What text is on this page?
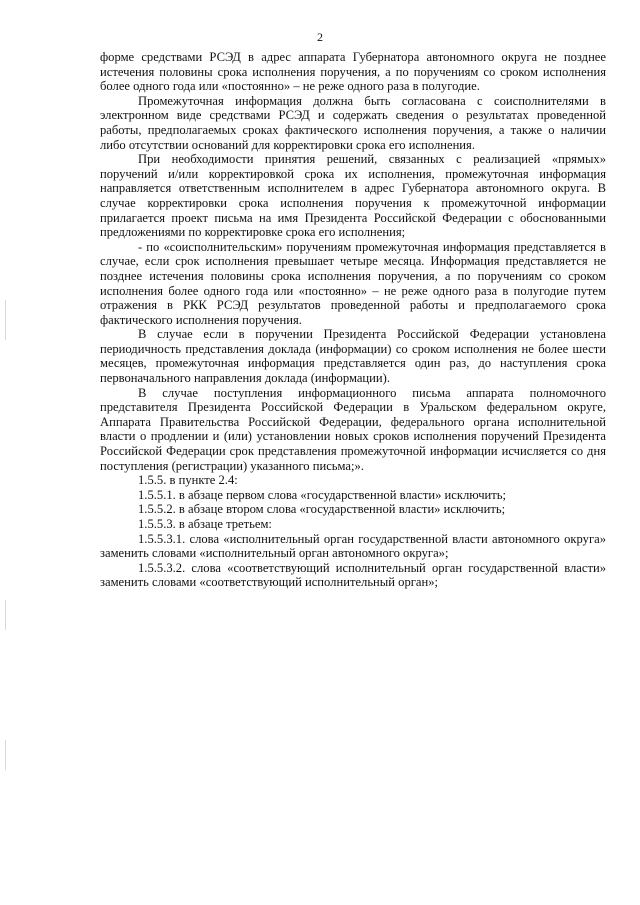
2

форме средствами РСЭД в адрес аппарата Губернатора автономного округа не позднее истечения половины срока исполнения поручения, а по поручениям со сроком исполнения более одного года или «постоянно» – не реже одного раза в полугодие.

Промежуточная информация должна быть согласована с соисполнителями в электронном виде средствами РСЭД и содержать сведения о результатах проведенной работы, предполагаемых сроках фактического исполнения поручения, а также о наличии либо отсутствии оснований для корректировки срока его исполнения.

При необходимости принятия решений, связанных с реализацией «прямых» поручений и/или корректировкой срока их исполнения, промежуточная информация направляется ответственным исполнителем в адрес Губернатора автономного округа. В случае корректировки срока исполнения поручения к промежуточной информации прилагается проект письма на имя Президента Российской Федерации с обоснованными предложениями по корректировке срока его исполнения;

- по «соисполнительским» поручениям промежуточная информация представляется в случае, если срок исполнения превышает четыре месяца. Информация представляется не позднее истечения половины срока исполнения поручения, а по поручениям со сроком исполнения более одного года или «постоянно» – не реже одного раза в полугодие путем отражения в РКК РСЭД результатов проведенной работы и предполагаемого срока фактического исполнения поручения.

В случае если в поручении Президента Российской Федерации установлена периодичность представления доклада (информации) со сроком исполнения не более шести месяцев, промежуточная информация представляется один раз, до наступления срока первоначального направления доклада (информации).

В случае поступления информационного письма аппарата полномочного представителя Президента Российской Федерации в Уральском федеральном округе, Аппарата Правительства Российской Федерации, федерального органа исполнительной власти о продлении и (или) установлении новых сроков исполнения поручений Президента Российской Федерации срок представления промежуточной информации исчисляется со дня поступления (регистрации) указанного письма;».

1.5.5. в пункте 2.4:

1.5.5.1. в абзаце первом слова «государственной власти» исключить;

1.5.5.2. в абзаце втором слова «государственной власти» исключить;

1.5.5.3. в абзаце третьем:

1.5.5.3.1. слова «исполнительный орган государственной власти автономного округа» заменить словами «исполнительный орган автономного округа»;

1.5.5.3.2. слова «соответствующий исполнительный орган государственной власти» заменить словами «соответствующий исполнительный орган»;
